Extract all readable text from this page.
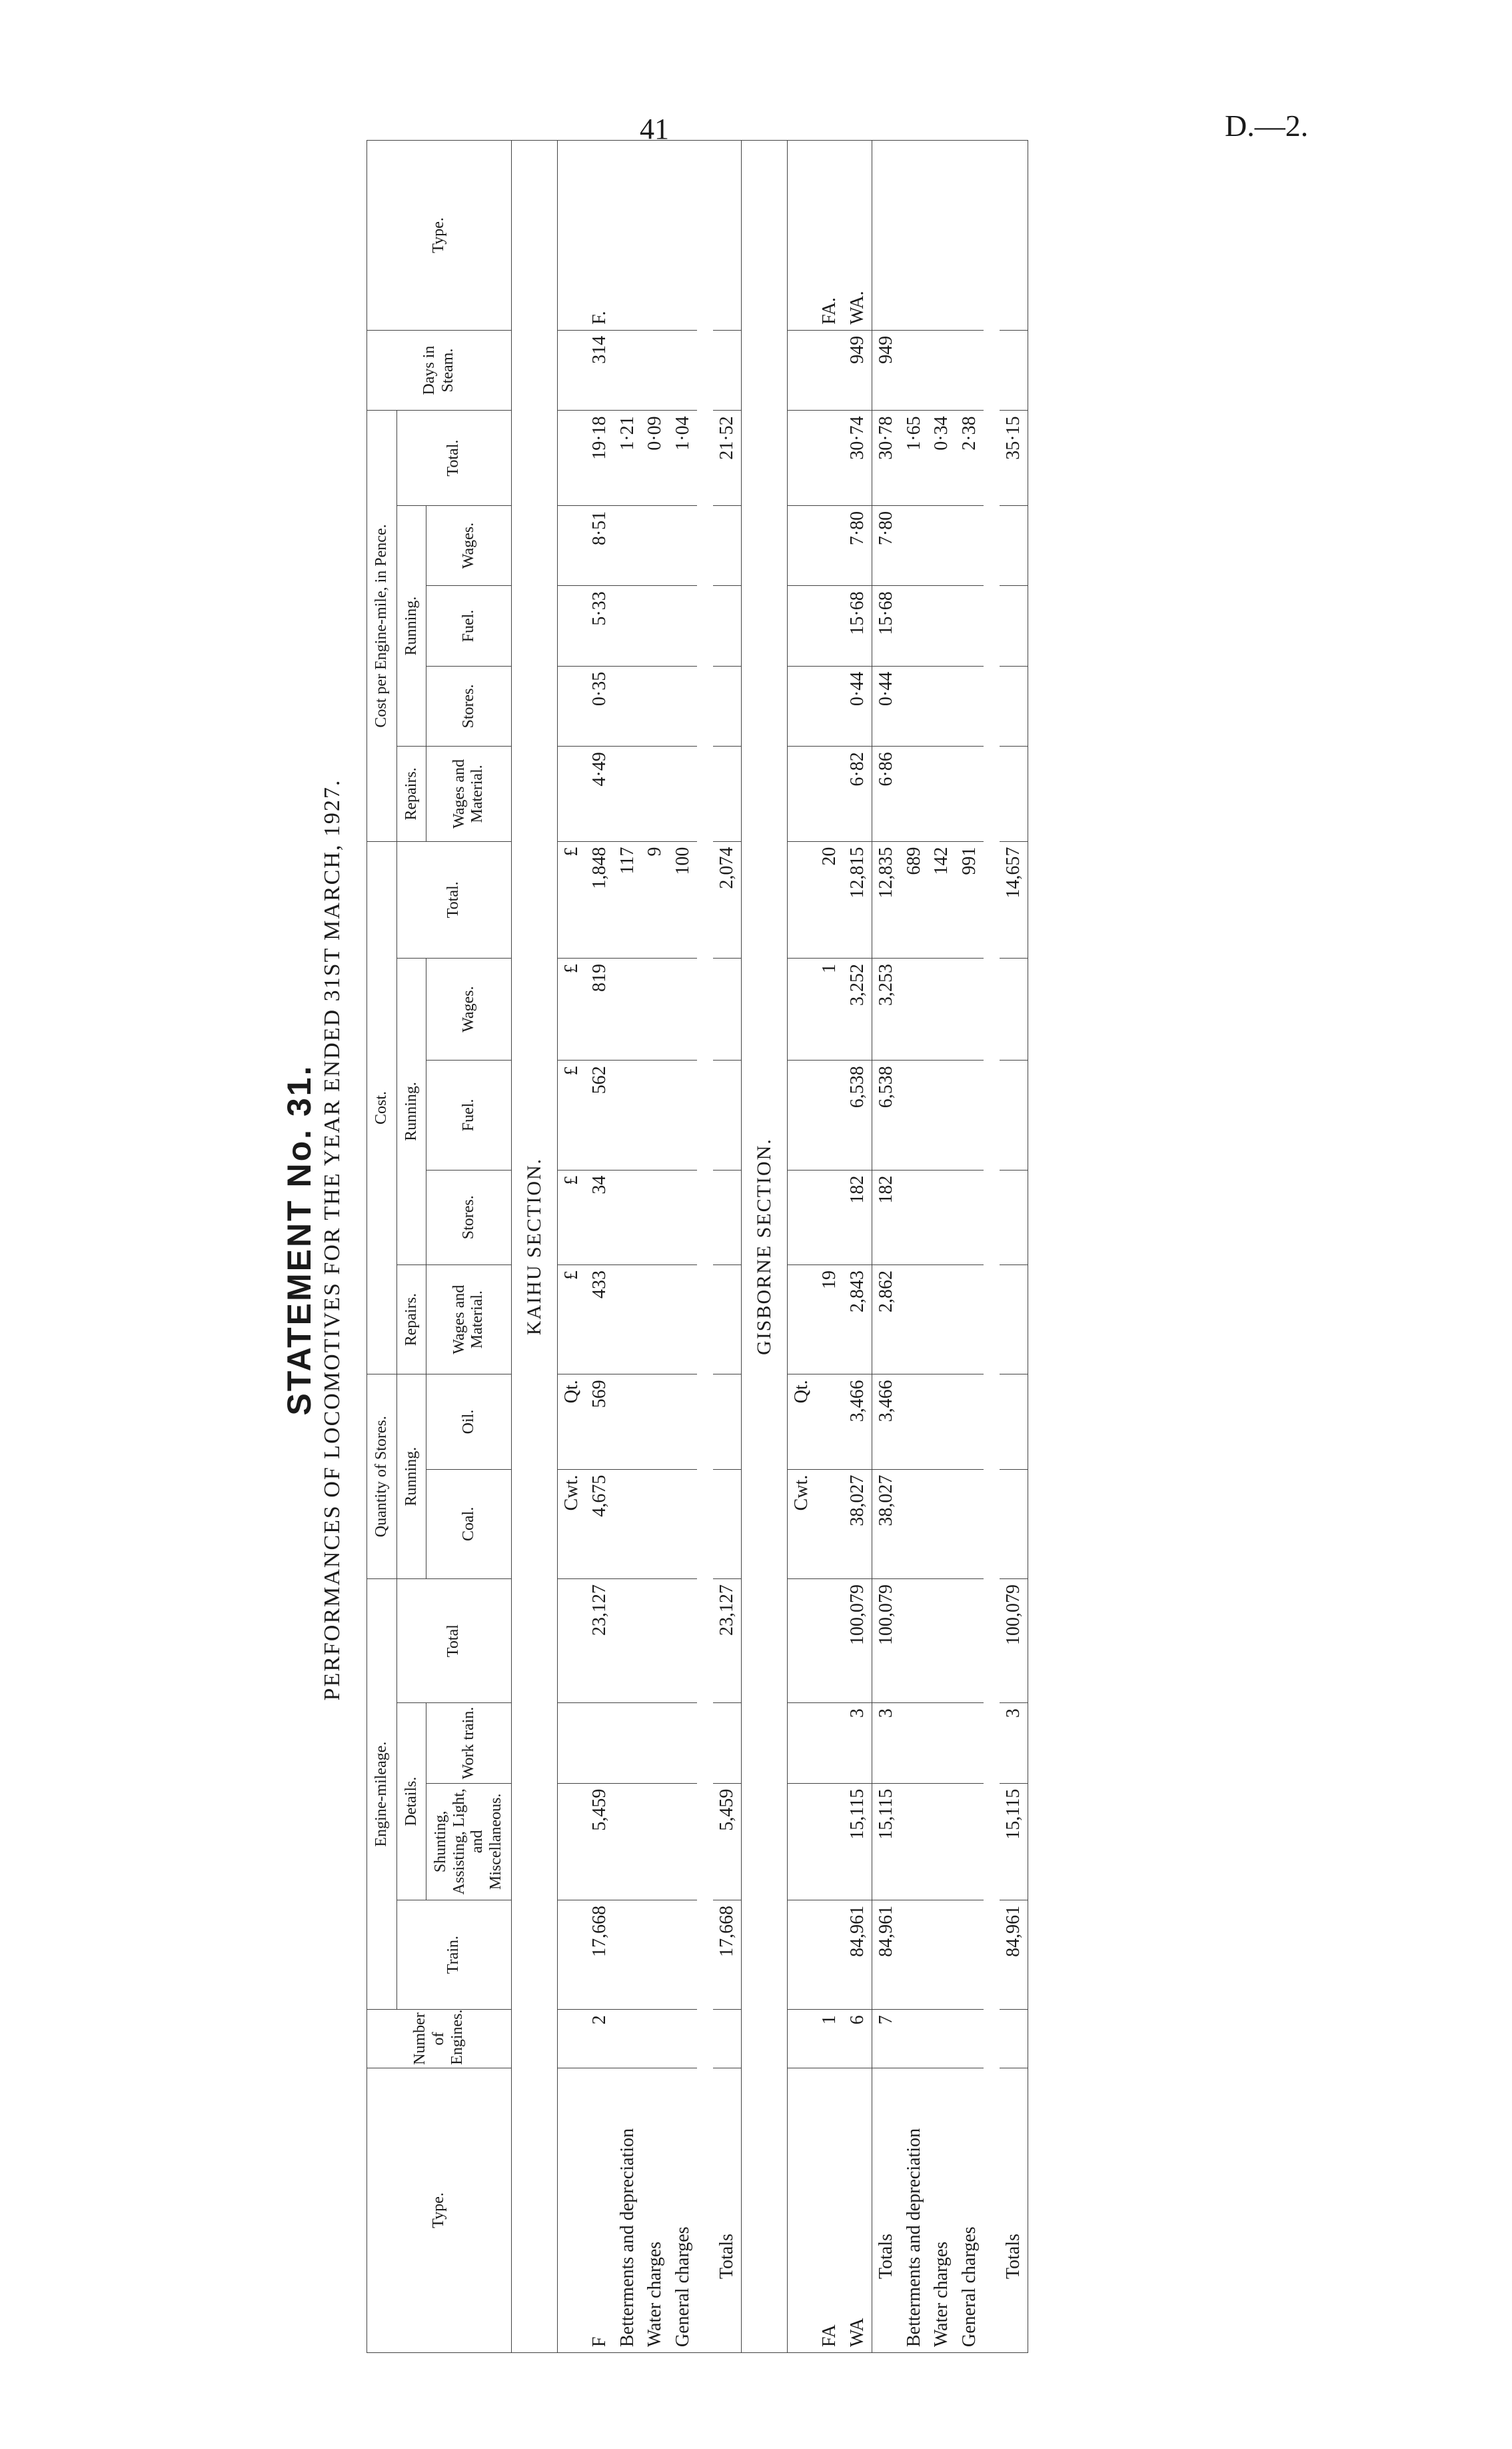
41	D.—2.
STATEMENT No. 31. PERFORMANCES OF LOCOMOTIVES FOR THE YEAR ENDED 31ST MARCH, 1927.
Type.	Number of Engines.	Engine-mileage.				Quantity of Stores.		Cost.					Cost per Engine-mile, in Pence.					Days in Steam.	Type.
		Train.	Details.		Total	Running.		Repairs.	Running.			Total.	Repairs.	Running.			Total.		
			Shunting, Assisting, Light, and Miscellaneous.	Work train.															
						Coal.	Oil.	Wages and Material.	Stores.	Fuel.	Wages.		Wages and Material.	Stores.	Fuel.	Wages.			
KAIHU SECTION.																			
						Cwt.	Qt.	£	£	£	£	£							
F	2	17,668	5,459		23,127	4,675	569	433	34	562	819	1,848	4·49	0·35	5·33	8·51	19·18	314	F.
Betterments and depreciation												117					1·21		
Water charges												9					0·09		
General charges												100					1·04		

Totals		17,668	5,459		23,127							2,074					21·52		
GISBORNE SECTION.																			
						Cwt.	Qt.												
FA	1							19			1	20							FA.
WA	6	84,961	15,115	3	100,079	38,027	3,466	2,843	182	6,538	3,252	12,815	6·82	0·44	15·68	7·80	30·74	949	WA.
Totals	7	84,961	15,115	3	100,079	38,027	3,466	2,862	182	6,538	3,253	12,835	6·86	0·44	15·68	7·80	30·78	949	
Betterments and depreciation												689					1·65		
Water charges												142					0·34		
General charges												991					2·38		

Totals		84,961	15,115	3	100,079							14,657					35·15		
